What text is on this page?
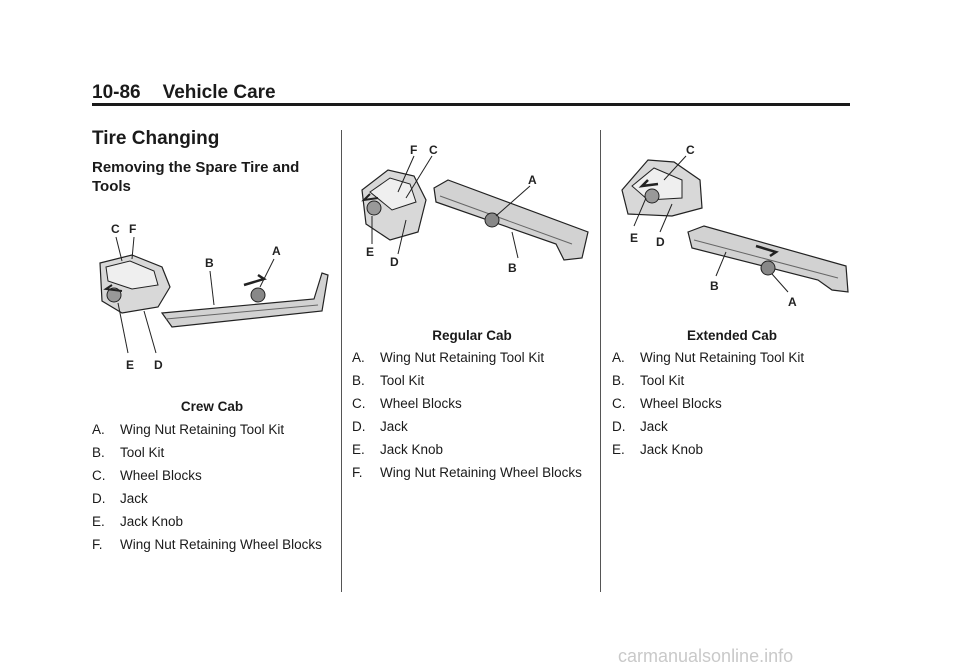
10-86 Vehicle Care
Tire Changing
Removing the Spare Tire and Tools
C F
B
A
E D
Crew Cab
A. Wing Nut Retaining Tool Kit
B. Tool Kit
C. Wheel Blocks
D. Jack
E. Jack Knob
F. Wing Nut Retaining Wheel Blocks
F C
A
B
E
D
Regular Cab
A. Wing Nut Retaining Tool Kit
B. Tool Kit
C. Wheel Blocks
D. Jack
E. Jack Knob
F. Wing Nut Retaining Wheel Blocks
C
E D
B
A
Extended Cab
A. Wing Nut Retaining Tool Kit
B. Tool Kit
C. Wheel Blocks
D. Jack
E. Jack Knob
carmanualsonline.info
